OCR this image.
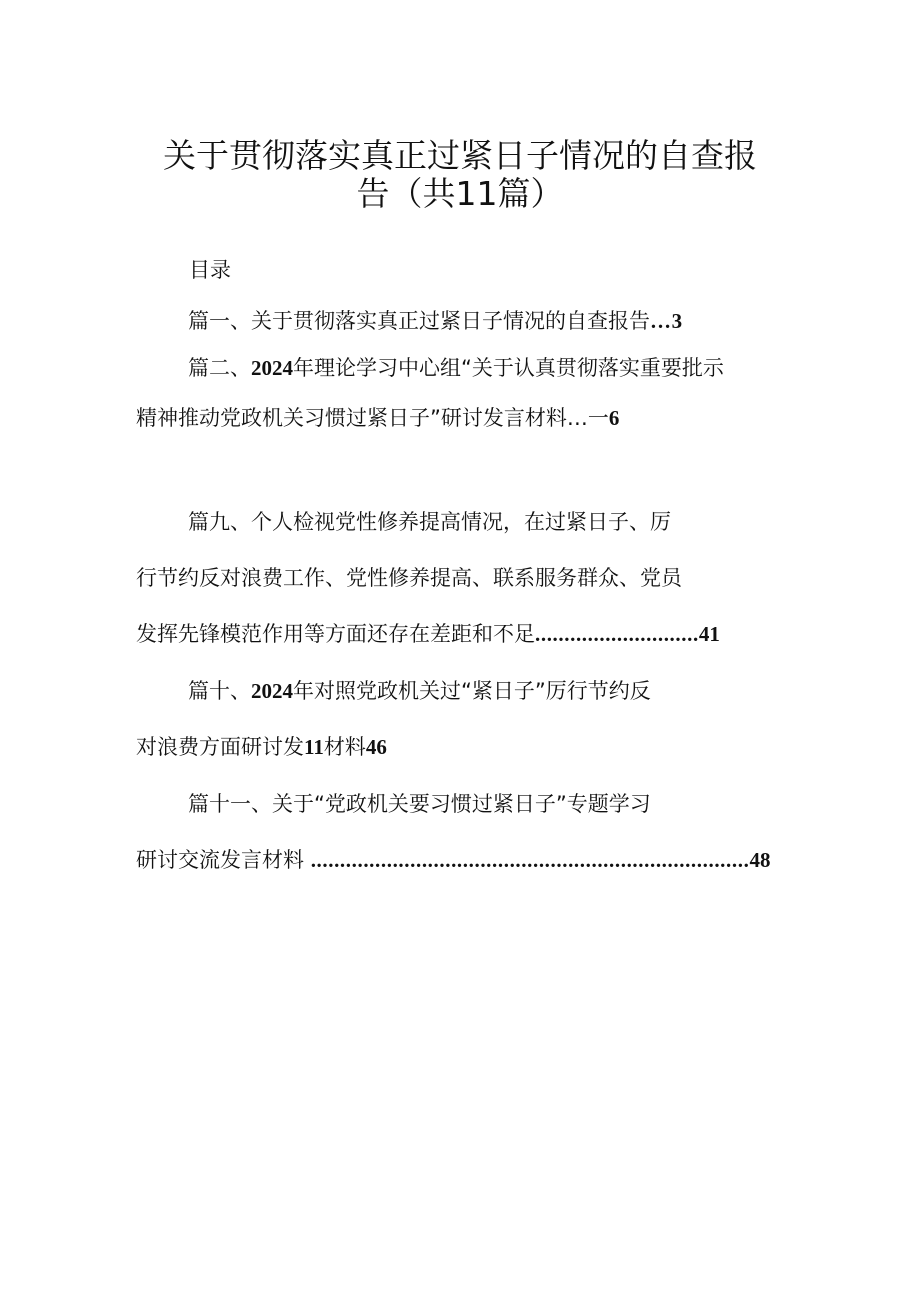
关于贯彻落实真正过紧日子情况的自查报
告（共11篇）
目录
篇一、关于贯彻落实真正过紧日子情况的自查报告…3
篇二、2024年理论学习中心组“关于认真贯彻落实重要批示
精神推动党政机关习惯过紧日子”研讨发言材料…一6
篇九、个人检视党性修养提高情况，在过紧日子、厉
行节约反对浪费工作、党性修养提高、联系服务群众、党员
发挥先锋模范作用等方面还存在差距和不足............................41
篇十、2024年对照党政机关过“紧日子”厉行节约反
对浪费方面研讨发11材料46
篇十一、关于“党政机关要习惯过紧日子”专题学习
研讨交流发言材料 ...........................................................................48
